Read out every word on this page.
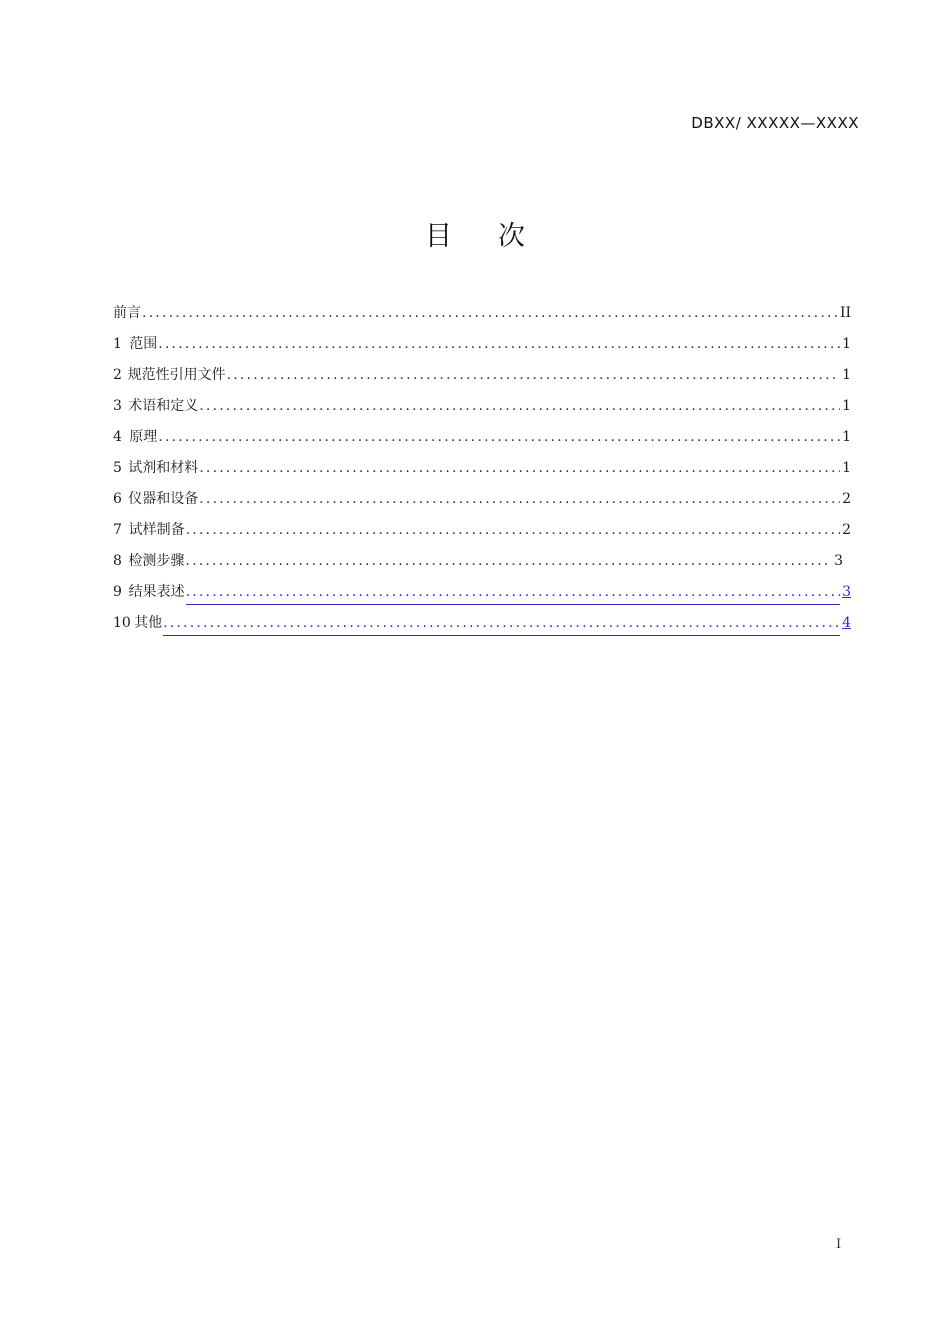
DBXX/ XXXXX—XXXX
目 次
前言 .....	II
1 范围 .....	1
2 规范性引用文件 .....	1
3 术语和定义 .....	1
4 原理 .....	1
5 试剂和材料 .....	1
6 仪器和设备 .....	2
7 试样制备 .....	2
8 检测步骤 .....	3
9 结果表述 .....	3
10 其他 .....	4
I
